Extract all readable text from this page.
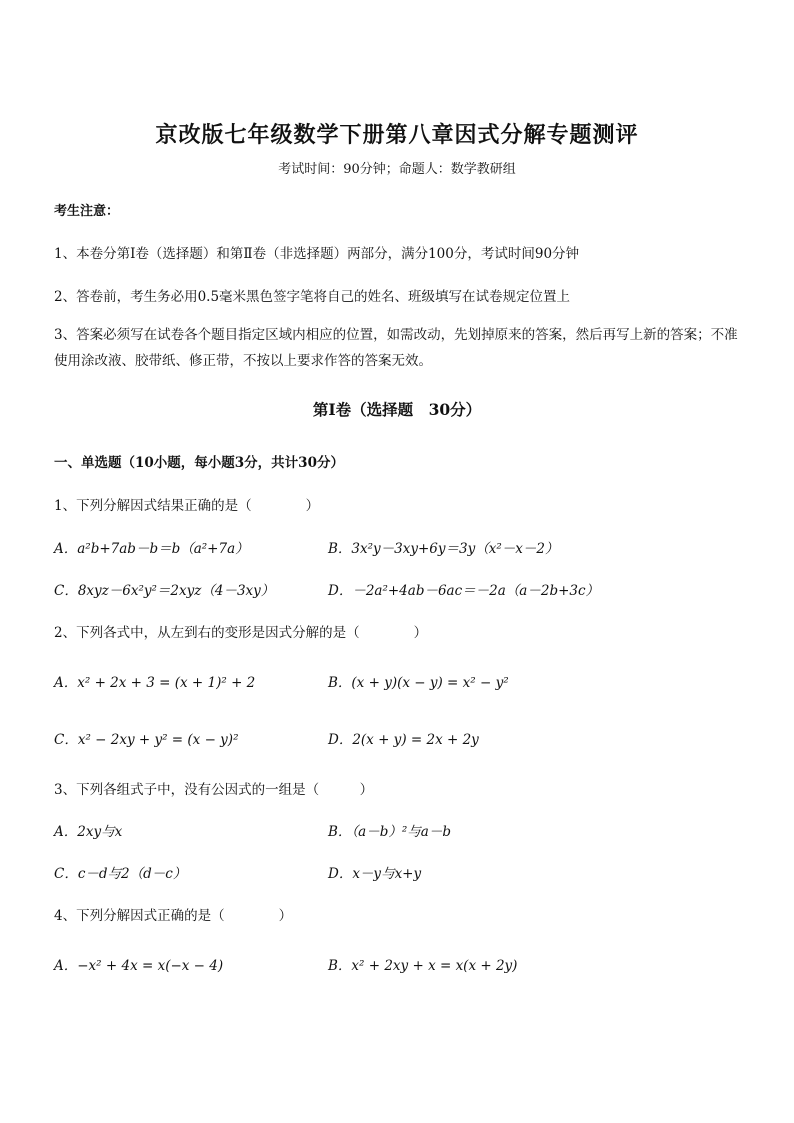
京改版七年级数学下册第八章因式分解专题测评
考试时间：90分钟；命题人：数学教研组
考生注意：
1、本卷分第Ⅰ卷（选择题）和第Ⅱ卷（非选择题）两部分，满分100分，考试时间90分钟
2、答卷前，考生务必用0.5毫米黑色签字笔将自己的姓名、班级填写在试卷规定位置上
3、答案必须写在试卷各个题目指定区域内相应的位置，如需改动，先划掉原来的答案，然后再写上新的答案；不准使用涂改液、胶带纸、修正带，不按以上要求作答的答案无效。
第Ⅰ卷（选择题　30分）
一、单选题（10小题，每小题3分，共计30分）
1、下列分解因式结果正确的是（　　　　）
A．a²b+7ab－b＝b（a²+7a）	B．3x²y－3xy+6y＝3y（x²－x－2）
C．8xyz－6x²y²＝2xyz（4－3xy）	D．－2a²+4ab－6ac＝－2a（a－2b+3c）
2、下列各式中，从左到右的变形是因式分解的是（　　　　）
A．x² + 2x + 3 = (x + 1)² + 2	B．(x + y)(x − y) = x² − y²
C．x² − 2xy + y² = (x − y)²	D．2(x + y) = 2x + 2y
3、下列各组式子中，没有公因式的一组是（　　　）
A．2xy与x	B．（a－b）²与a－b
C．c－d与2（d－c）	D．x－y与x+y
4、下列分解因式正确的是（　　　　）
A．−x² + 4x = x(−x − 4)	B．x² + 2xy + x = x(x + 2y)
